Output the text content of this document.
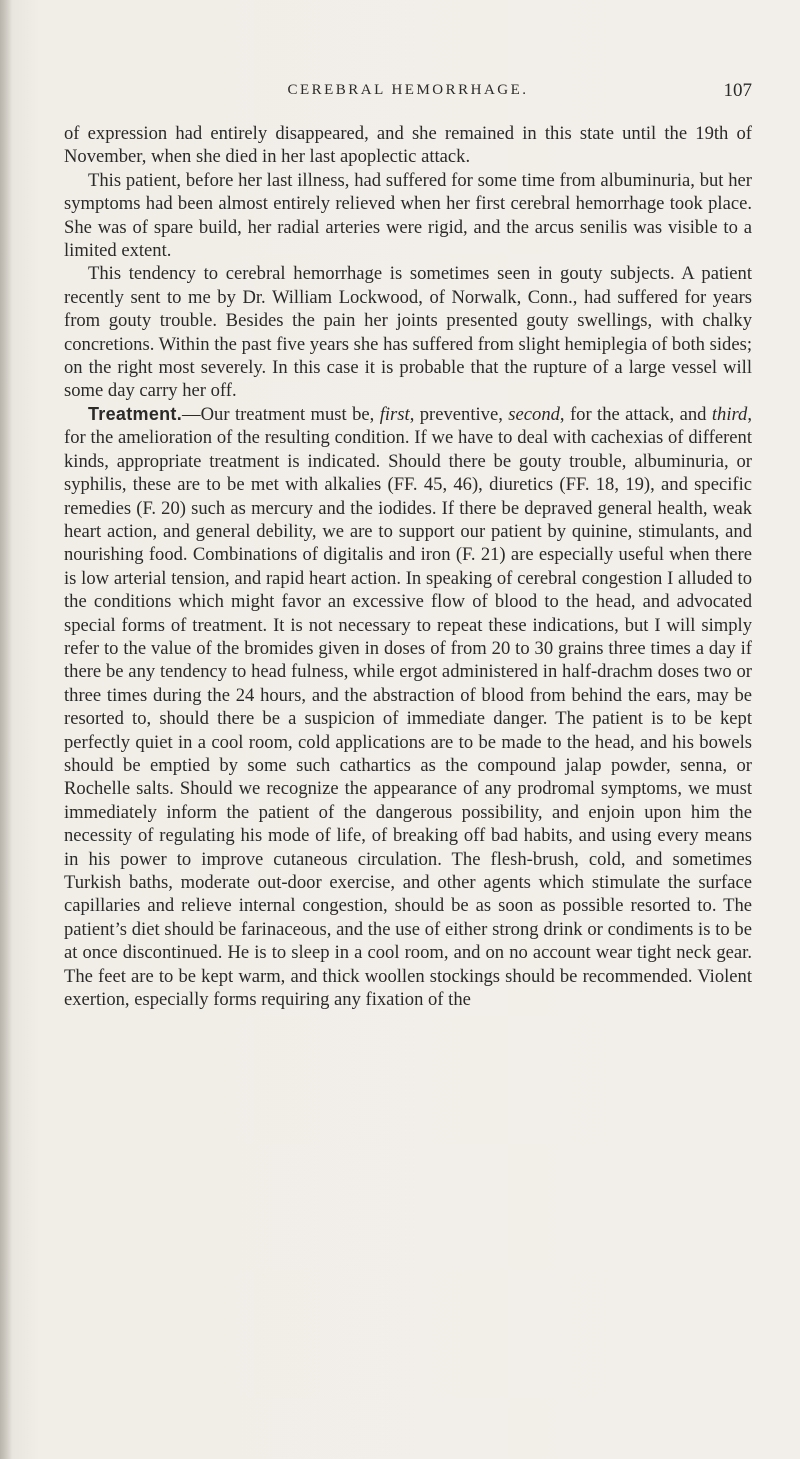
CEREBRAL HEMORRHAGE.	107

of expression had entirely disappeared, and she remained in this state until the 19th of November, when she died in her last apoplectic attack.

This patient, before her last illness, had suffered for some time from albuminuria, but her symptoms had been almost entirely relieved when her first cerebral hemorrhage took place. She was of spare build, her radial arteries were rigid, and the arcus senilis was visible to a limited extent.

This tendency to cerebral hemorrhage is sometimes seen in gouty subjects. A patient recently sent to me by Dr. William Lockwood, of Norwalk, Conn., had suffered for years from gouty trouble. Besides the pain her joints presented gouty swellings, with chalky concretions. Within the past five years she has suffered from slight hemiplegia of both sides; on the right most severely. In this case it is probable that the rupture of a large vessel will some day carry her off.

Treatment.—Our treatment must be, first, preventive, second, for the attack, and third, for the amelioration of the resulting condition. If we have to deal with cachexias of different kinds, appropriate treatment is indicated. Should there be gouty trouble, albuminuria, or syphilis, these are to be met with alkalies (FF. 45, 46), diuretics (FF. 18, 19), and specific remedies (F. 20) such as mercury and the iodides. If there be depraved general health, weak heart action, and general debility, we are to support our patient by quinine, stimulants, and nourishing food. Combinations of digitalis and iron (F. 21) are especially useful when there is low arterial tension, and rapid heart action. In speaking of cerebral congestion I alluded to the conditions which might favor an excessive flow of blood to the head, and advocated special forms of treatment. It is not necessary to repeat these indications, but I will simply refer to the value of the bromides given in doses of from 20 to 30 grains three times a day if there be any tendency to head fulness, while ergot administered in half-drachm doses two or three times during the 24 hours, and the abstraction of blood from behind the ears, may be resorted to, should there be a suspicion of immediate danger. The patient is to be kept perfectly quiet in a cool room, cold applications are to be made to the head, and his bowels should be emptied by some such cathartics as the compound jalap powder, senna, or Rochelle salts. Should we recognize the appearance of any prodromal symptoms, we must immediately inform the patient of the dangerous possibility, and enjoin upon him the necessity of regulating his mode of life, of breaking off bad habits, and using every means in his power to improve cutaneous circulation. The flesh-brush, cold, and sometimes Turkish baths, moderate out-door exercise, and other agents which stimulate the surface capillaries and relieve internal congestion, should be as soon as possible resorted to. The patient’s diet should be farinaceous, and the use of either strong drink or condiments is to be at once discontinued. He is to sleep in a cool room, and on no account wear tight neck gear. The feet are to be kept warm, and thick woollen stockings should be recommended. Violent exertion, especially forms requiring any fixation of the
